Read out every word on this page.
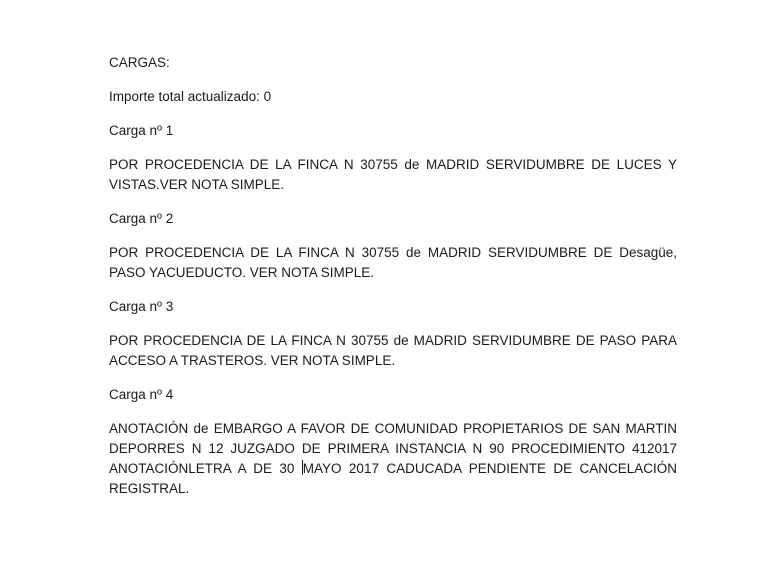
CARGAS:

Importe total actualizado: 0

Carga nº 1

POR PROCEDENCIA DE LA FINCA N 30755 de MADRID SERVIDUMBRE DE LUCES Y VISTAS.VER NOTA SIMPLE.

Carga nº 2

POR PROCEDENCIA DE LA FINCA N 30755 de MADRID SERVIDUMBRE DE Desagüe, PASO YACUEDUCTO. VER NOTA SIMPLE.

Carga nº 3

POR PROCEDENCIA DE LA FINCA N 30755 de MADRID SERVIDUMBRE DE PASO PARA ACCESO A TRASTEROS. VER NOTA SIMPLE.

Carga nº 4

ANOTACIÓN de EMBARGO A FAVOR DE COMUNIDAD PROPIETARIOS DE SAN MARTIN DEPORRES N 12 JUZGADO DE PRIMERA INSTANCIA N 90 PROCEDIMIENTO 412017 ANOTACIÓNLETRA A DE 30 MAYO 2017 CADUCADA PENDIENTE DE CANCELACIÓN REGISTRAL.
